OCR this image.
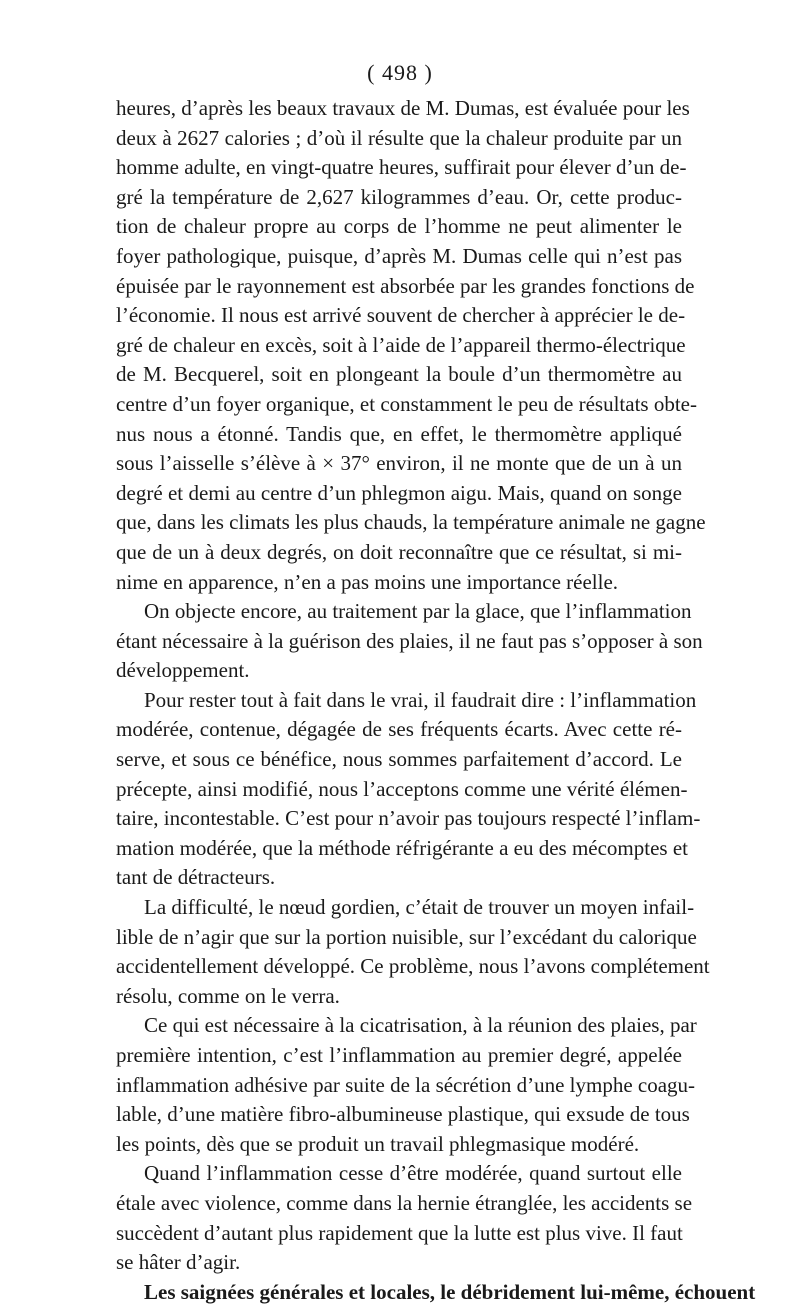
( 498 )
heures, d’après les beaux travaux de M. Dumas, est évaluée pour les
deux à 2627 calories ; d’où il résulte que la chaleur produite par un
homme adulte, en vingt-quatre heures, suffirait pour élever d’un de-
gré la température de 2,627 kilogrammes d’eau. Or, cette produc-
tion de chaleur propre au corps de l’homme ne peut alimenter le
foyer pathologique, puisque, d’après M. Dumas celle qui n’est pas
épuisée par le rayonnement est absorbée par les grandes fonctions de
l’économie. Il nous est arrivé souvent de chercher à apprécier le de-
gré de chaleur en excès, soit à l’aide de l’appareil thermo-électrique
de M. Becquerel, soit en plongeant la boule d’un thermomètre au
centre d’un foyer organique, et constamment le peu de résultats obte-
nus nous a étonné. Tandis que, en effet, le thermomètre appliqué
sous l’aisselle s’élève à × 37° environ, il ne monte que de un à un
degré et demi au centre d’un phlegmon aigu. Mais, quand on songe
que, dans les climats les plus chauds, la température animale ne gagne
que de un à deux degrés, on doit reconnaître que ce résultat, si mi-
nime en apparence, n’en a pas moins une importance réelle.
On objecte encore, au traitement par la glace, que l’inflammation
étant nécessaire à la guérison des plaies, il ne faut pas s’opposer à son
développement.
Pour rester tout à fait dans le vrai, il faudrait dire : l’inflammation
modérée, contenue, dégagée de ses fréquents écarts. Avec cette ré-
serve, et sous ce bénéfice, nous sommes parfaitement d’accord. Le
précepte, ainsi modifié, nous l’acceptons comme une vérité élémen-
taire, incontestable. C’est pour n’avoir pas toujours respecté l’inflam-
mation modérée, que la méthode réfrigérante a eu des mécomptes et
tant de détracteurs.
La difficulté, le nœud gordien, c’était de trouver un moyen infail-
lible de n’agir que sur la portion nuisible, sur l’excédant du calorique
accidentellement développé. Ce problème, nous l’avons complétement
résolu, comme on le verra.
Ce qui est nécessaire à la cicatrisation, à la réunion des plaies, par
première intention, c’est l’inflammation au premier degré, appelée
inflammation adhésive par suite de la sécrétion d’une lymphe coagu-
lable, d’une matière fibro-albumineuse plastique, qui exsude de tous
les points, dès que se produit un travail phlegmasique modéré.
Quand l’inflammation cesse d’être modérée, quand surtout elle
étale avec violence, comme dans la hernie étranglée, les accidents se
succèdent d’autant plus rapidement que la lutte est plus vive. Il faut
se hâter d’agir.
Les saignées générales et locales, le débridement lui-même, échouent
